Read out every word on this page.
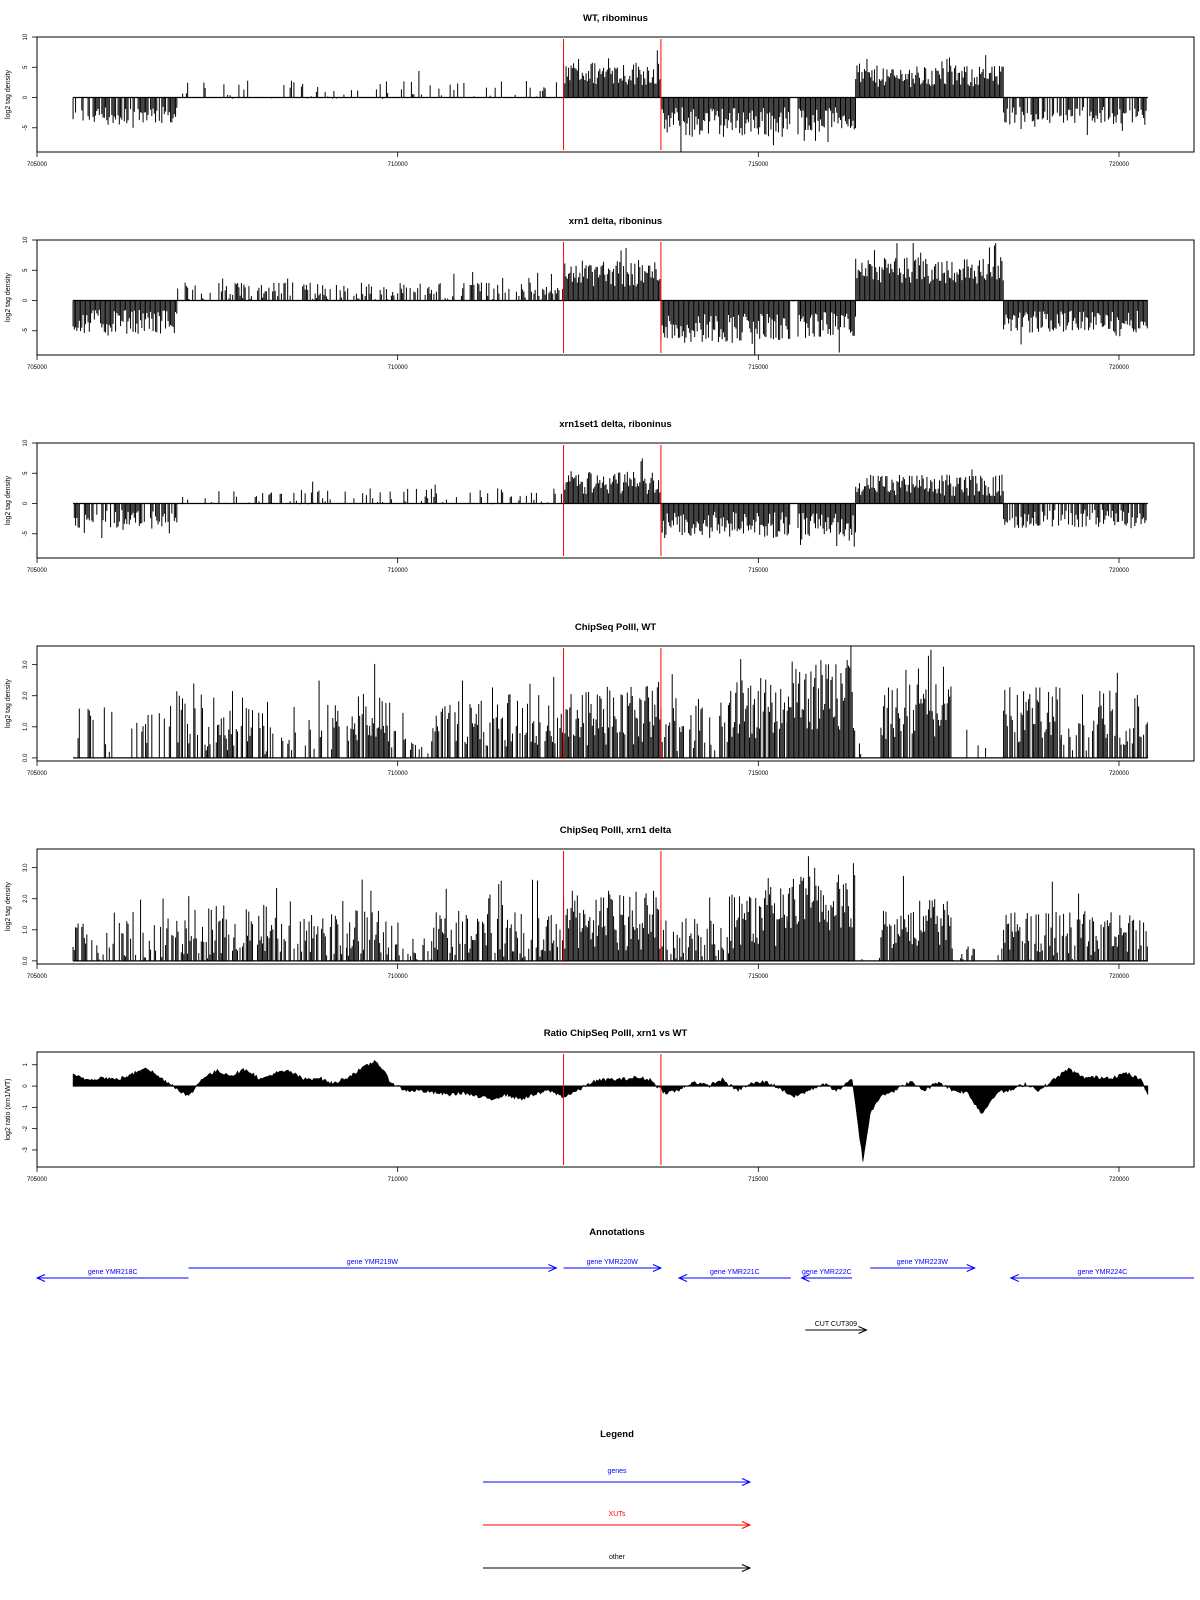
WT, ribominus
-5
0
5
10
log2 tag density
705000	710000	715000	720000
xrn1 delta, riboninus
-5
0
5
10
log2 tag density
705000	710000	715000	720000
xrn1set1 delta, riboninus
-5
0
5
10
log2 tag density
705000	710000	715000	720000
ChipSeq PolII, WT
0.0
1.0
2.0
3.0
log2 tag density
705000	710000	715000	720000
ChipSeq PolII, xrn1 delta
0.0
1.0
2.0
3.0
log2 tag density
705000	710000	715000	720000
Ratio ChipSeq PolII, xrn1 vs WT
-3
-2
-1
0
1
log2 ratio (xrn1/WT)
705000	710000	715000	720000
Annotations
gene YMR218C
gene YMR219W	gene YMR220W
gene YMR221C	gene YMR222C
gene YMR223W
gene YMR224C
CUT CUT309
Legend
genes
XUTs
other
